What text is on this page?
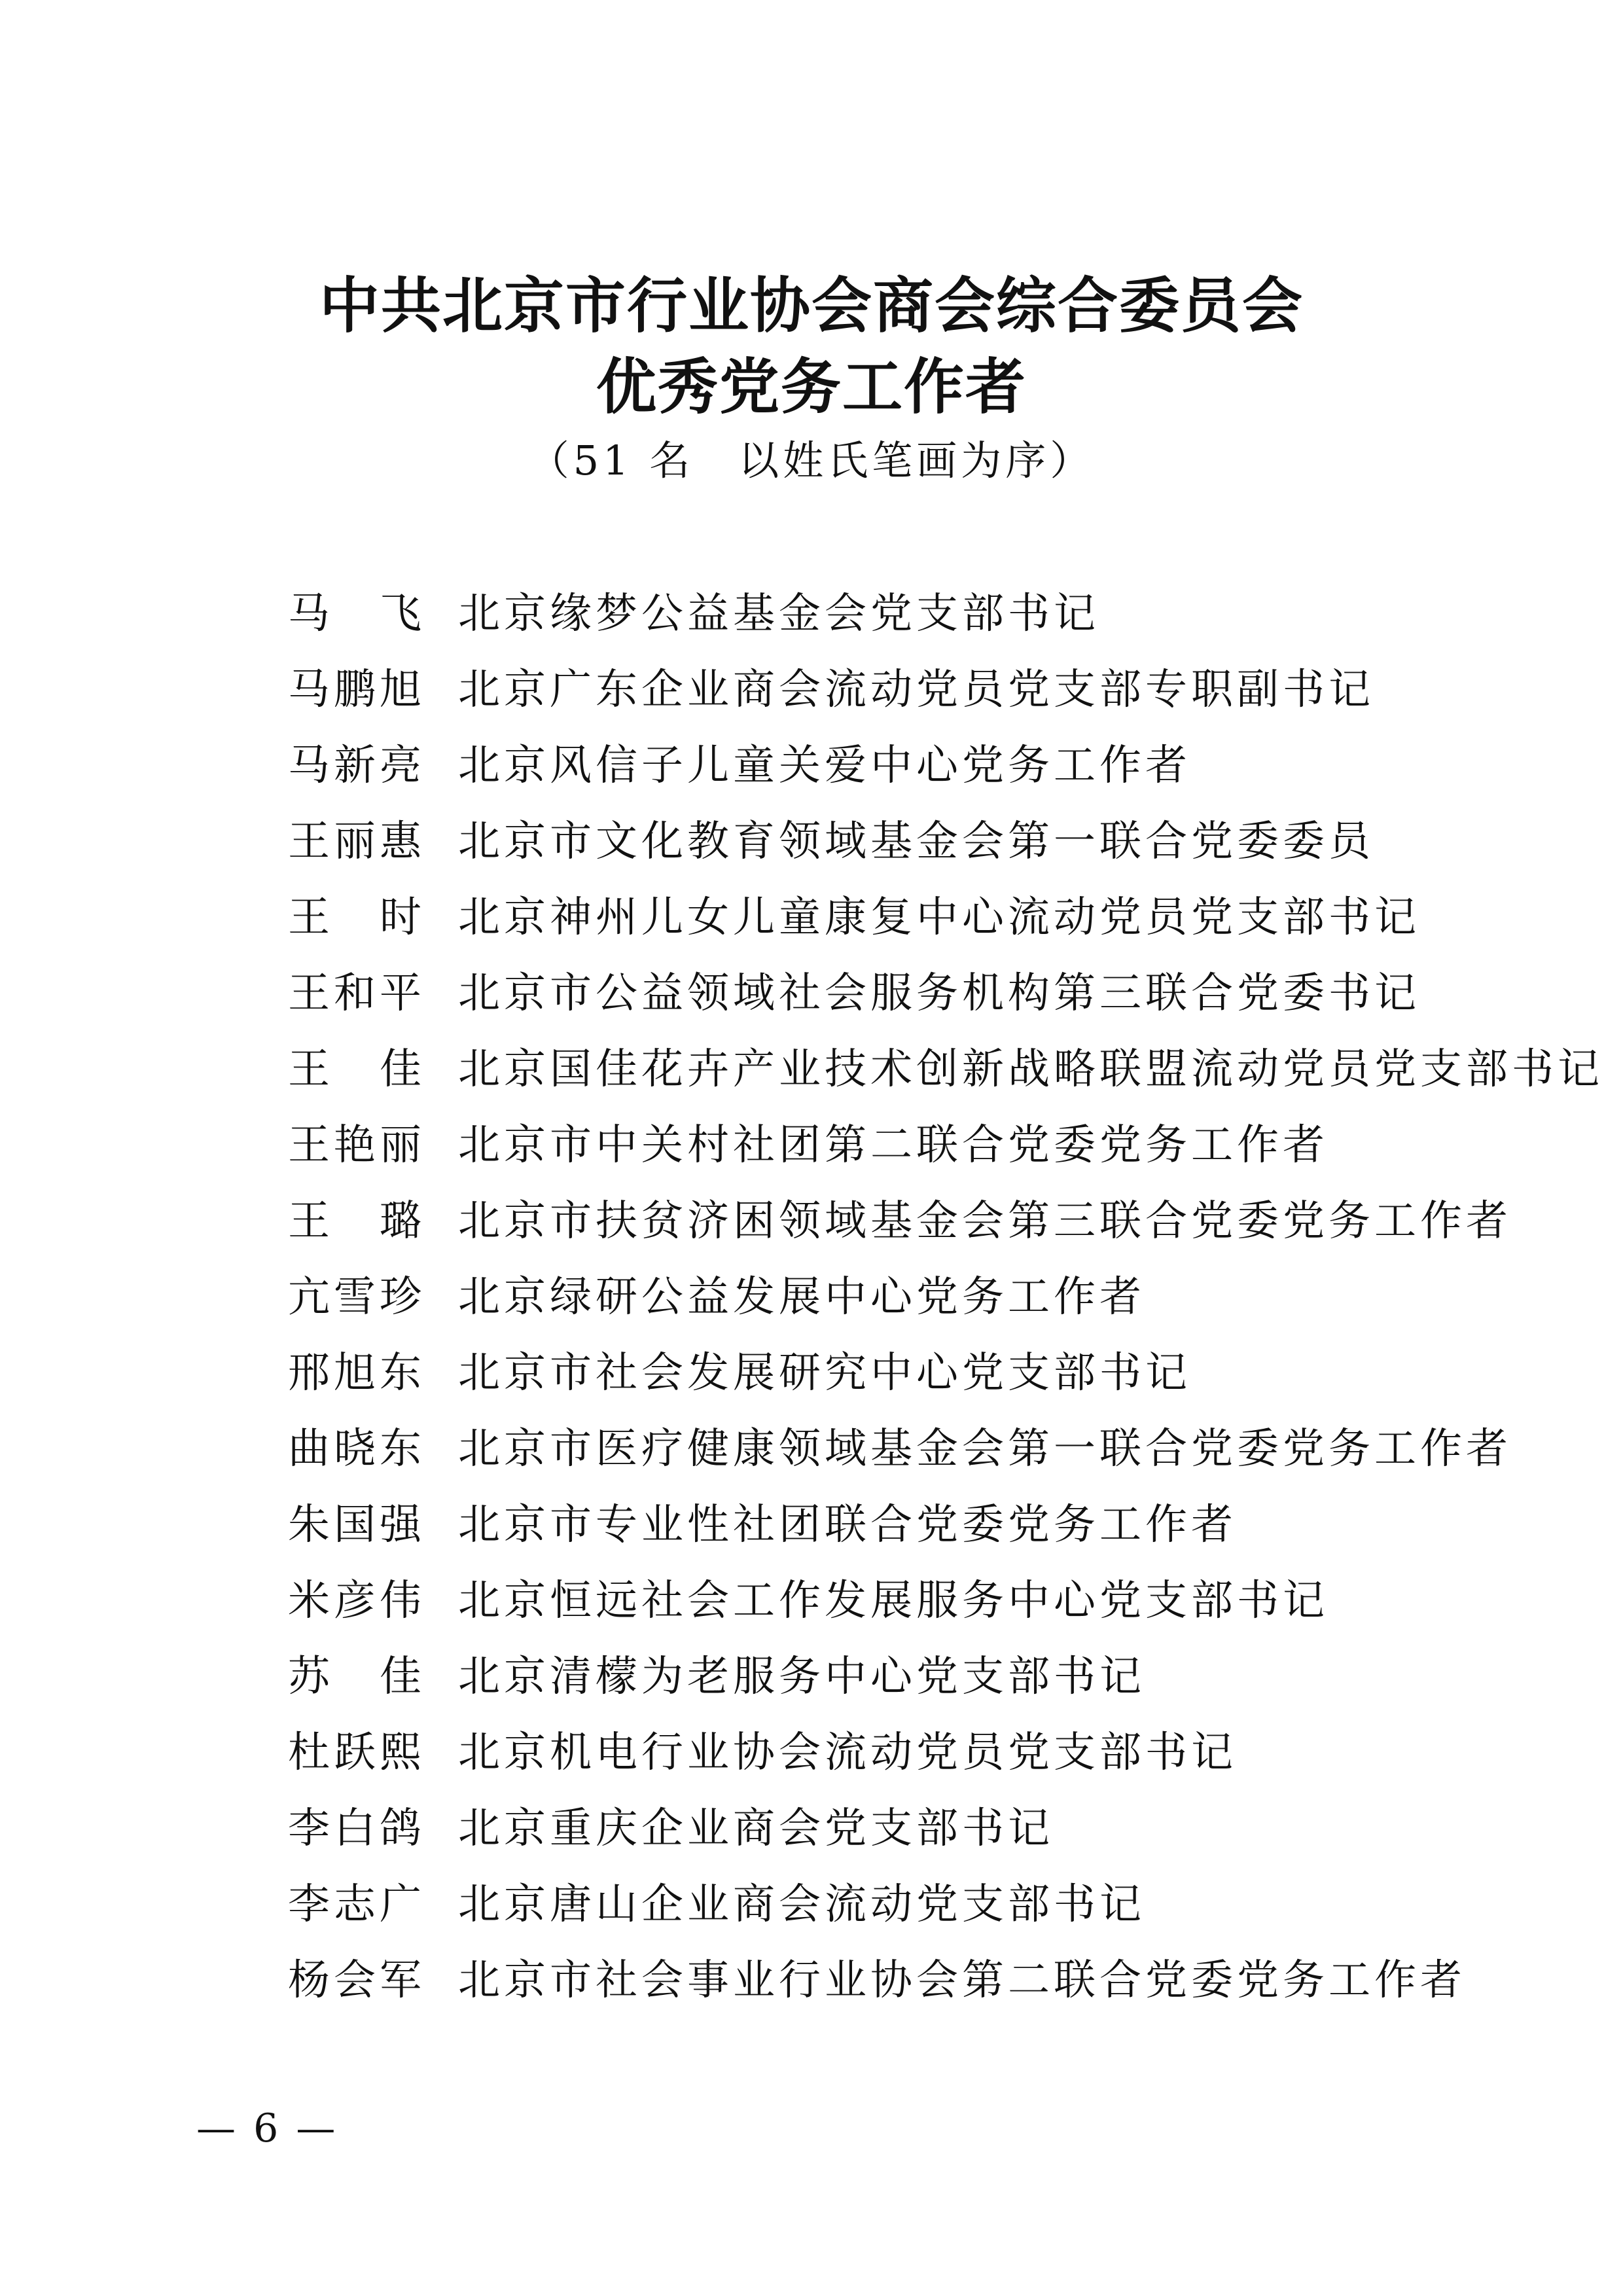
中共北京市行业协会商会综合委员会
优秀党务工作者
（51 名　以姓氏笔画为序）
马　飞 北京缘梦公益基金会党支部书记
马鹏旭 北京广东企业商会流动党员党支部专职副书记
马新亮 北京风信子儿童关爱中心党务工作者
王丽惠 北京市文化教育领域基金会第一联合党委委员
王　时 北京神州儿女儿童康复中心流动党员党支部书记
王和平 北京市公益领域社会服务机构第三联合党委书记
王　佳 北京国佳花卉产业技术创新战略联盟流动党员党支部书记
王艳丽 北京市中关村社团第二联合党委党务工作者
王　璐 北京市扶贫济困领域基金会第三联合党委党务工作者
亢雪珍 北京绿研公益发展中心党务工作者
邢旭东 北京市社会发展研究中心党支部书记
曲晓东 北京市医疗健康领域基金会第一联合党委党务工作者
朱国强 北京市专业性社团联合党委党务工作者
米彦伟 北京恒远社会工作发展服务中心党支部书记
苏　佳 北京清檬为老服务中心党支部书记
杜跃熙 北京机电行业协会流动党员党支部书记
李白鸽 北京重庆企业商会党支部书记
李志广 北京唐山企业商会流动党支部书记
杨会军 北京市社会事业行业协会第二联合党委党务工作者
— 6 —
